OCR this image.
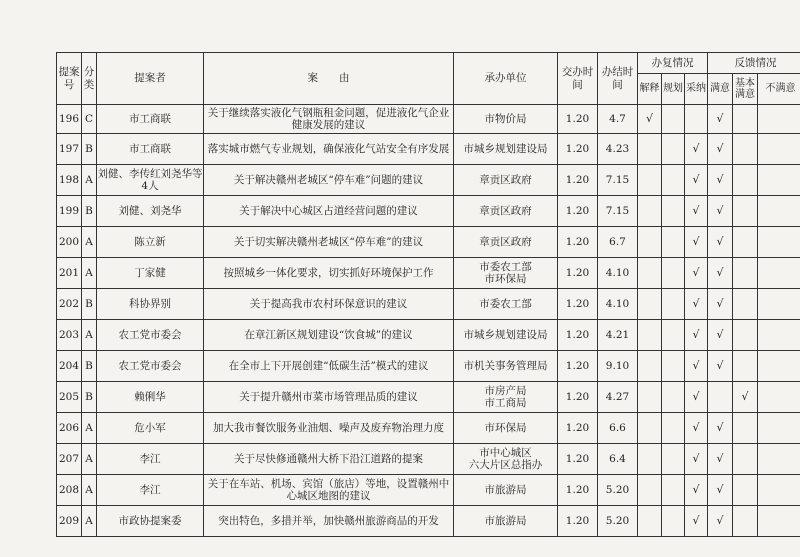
提案号	分类	提案者	案　　由	承办单位	交办时间	办结时间	办复情况			反馈情况		
							解释	规划	采纳	满意	基本满意	不满意
196	C	市工商联	关于继续落实液化气钢瓶租金问题，促进液化气企业健康发展的建议	市物价局	1.20	4.7	√			√		
197	B	市工商联	落实城市燃气专业规划，确保液化气站安全有序发展	市城乡规划建设局	1.20	4.23			√	√		
198	A	刘健、李传红刘尧华等4人	关于解决赣州老城区“停车难”问题的建议	章贡区政府	1.20	7.15			√	√		
199	B	刘健、刘尧华	关于解决中心城区占道经营问题的建议	章贡区政府	1.20	7.15			√	√		
200	A	陈立新	关于切实解决赣州老城区“停车难”的建议	章贡区政府	1.20	6.7			√	√		
201	A	丁家健	按照城乡一体化要求，切实抓好环境保护工作	市委农工部
市环保局	1.20	4.10			√	√		
202	B	科协界别	关于提高我市农村环保意识的建议	市委农工部	1.20	4.10			√	√		
203	A	农工党市委会	在章江新区规划建设“饮食城”的建议	市城乡规划建设局	1.20	4.21			√	√		
204	B	农工党市委会	在全市上下开展创建“低碳生活”模式的建议	市机关事务管理局	1.20	9.10			√	√		
205	B	赖俐华	关于提升赣州市菜市场管理品质的建议	市房产局
市工商局	1.20	4.27			√		√	
206	A	危小军	加大我市餐饮服务业油烟、噪声及废弃物治理力度	市环保局	1.20	6.6			√	√		
207	A	李江	关于尽快修通赣州大桥下沿江道路的提案	市中心城区
六大片区总指办	1.20	6.4			√	√		
208	A	李江	关于在车站、机场、宾馆（旅店）等地，设置赣州中心城区地图的建议	市旅游局	1.20	5.20			√	√		
209	A	市政协提案委	突出特色，多措并举，加快赣州旅游商品的开发	市旅游局	1.20	5.20			√	√		
